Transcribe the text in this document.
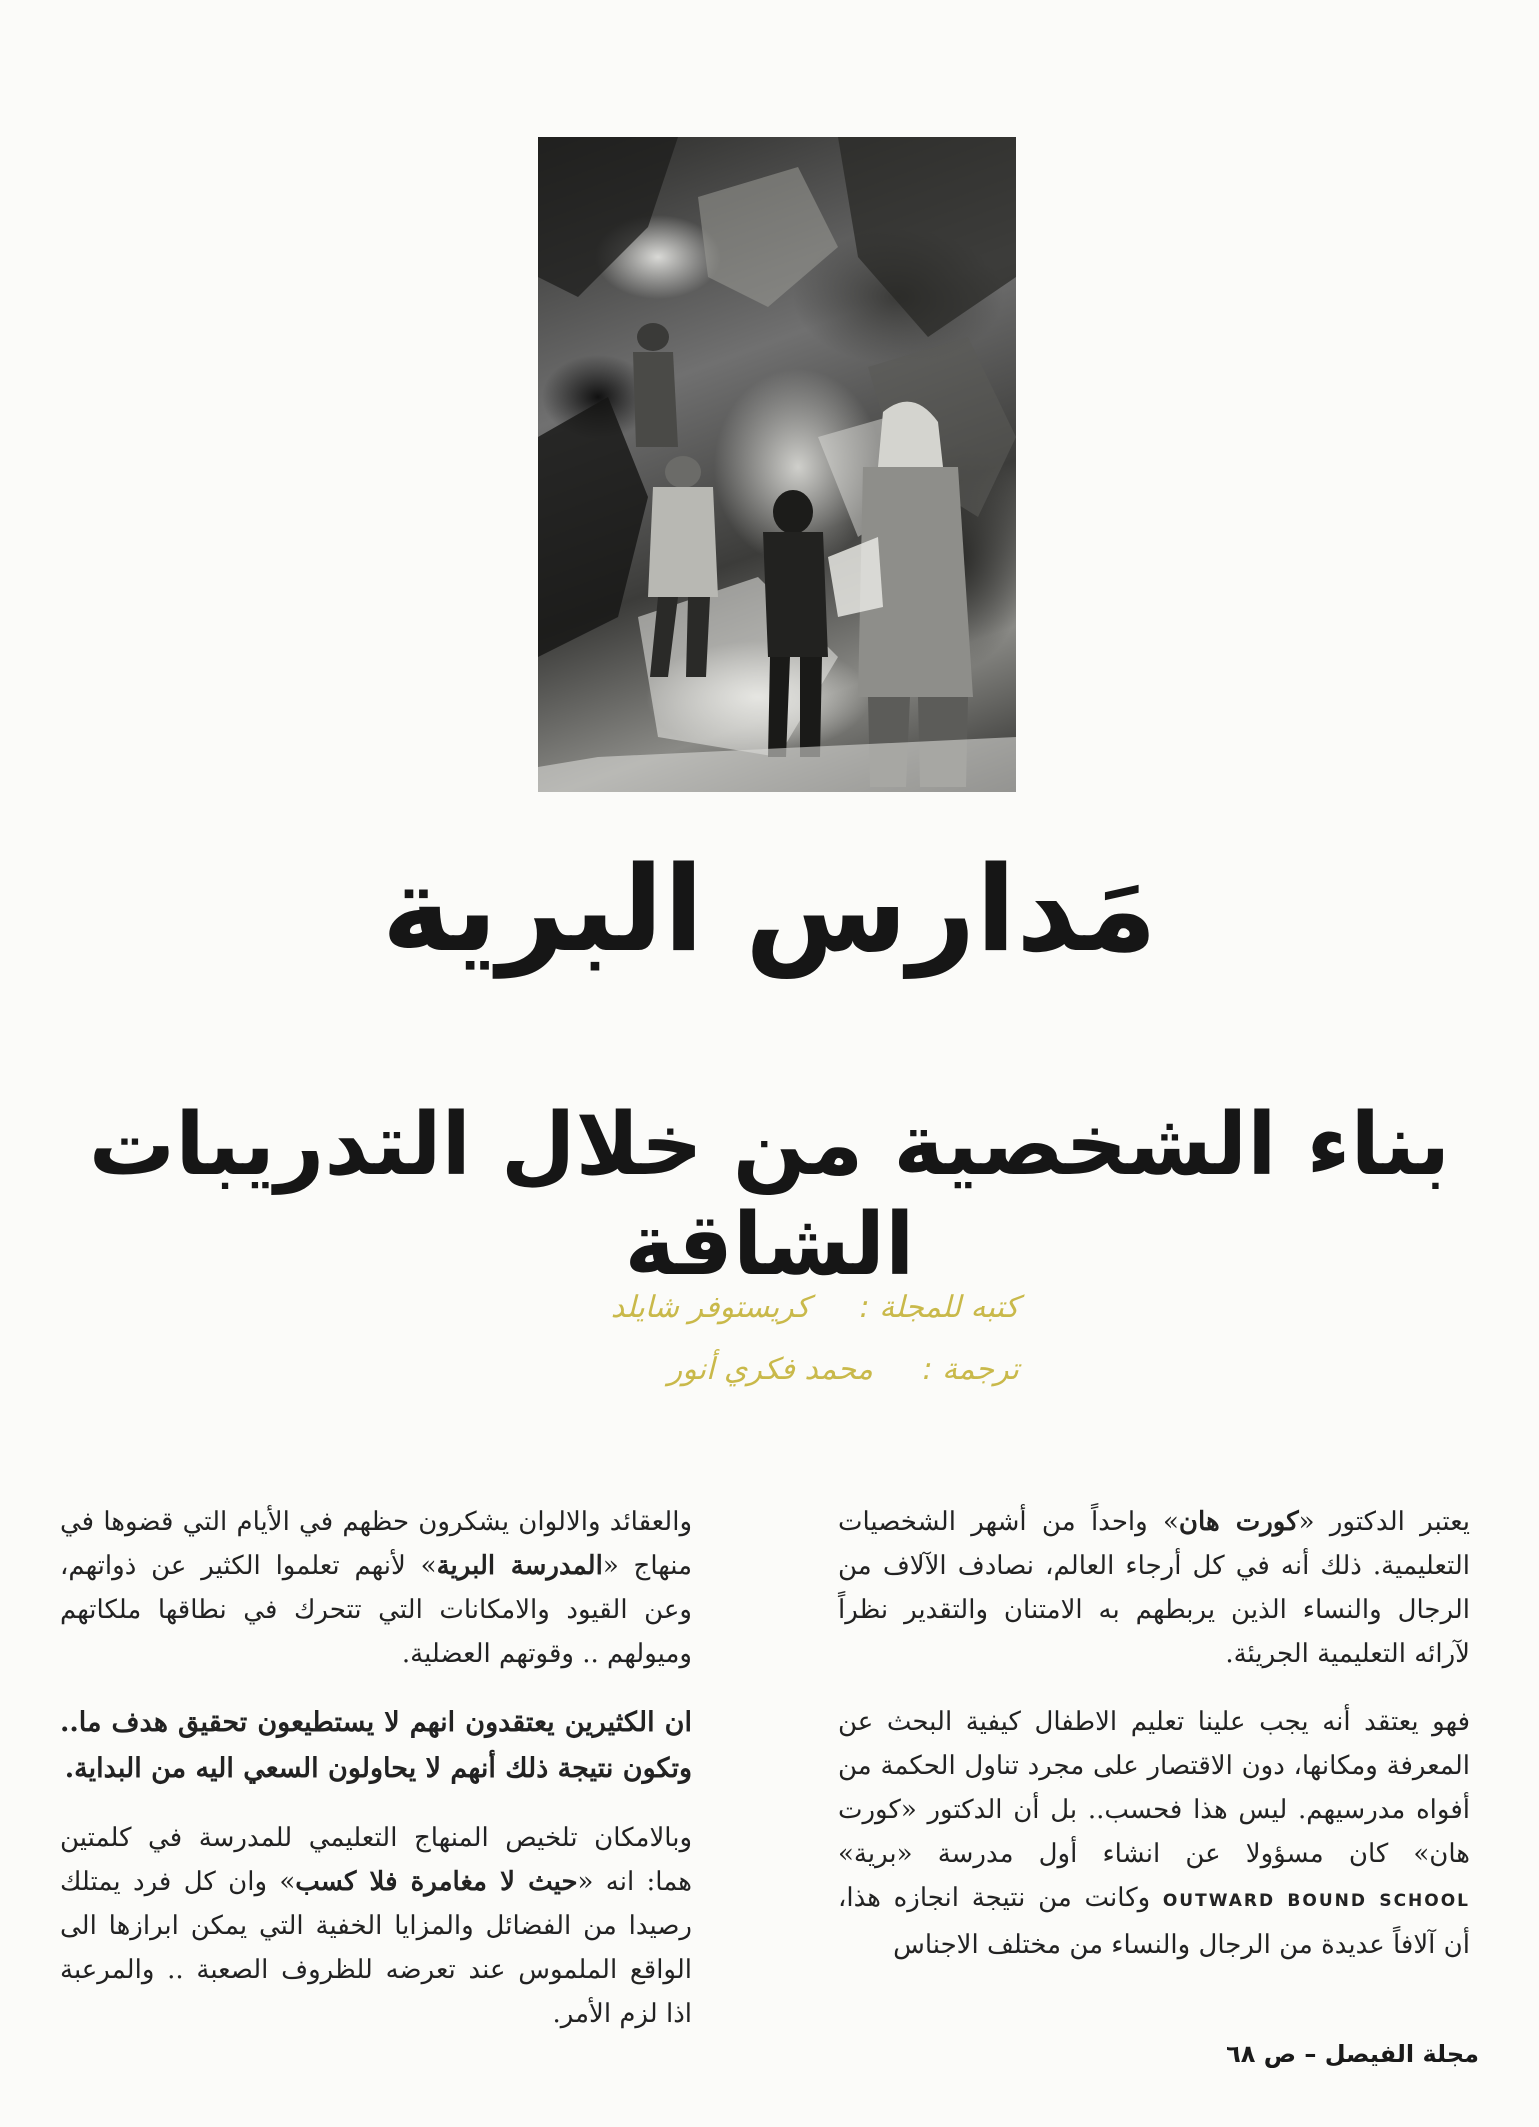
مَدارس البرية
بناء الشخصية من خلال التدريبات الشاقة
كتبه للمجلة : كريستوفر شايلد
ترجمة : محمد فكري أنور

يعتبر الدكتور «كورت هان» واحداً من أشهر الشخصيات التعليمية. ذلك أنه في كل أرجاء العالم، نصادف الآلاف من الرجال والنساء الذين يربطهم به الامتنان والتقدير نظراً لآرائه التعليمية الجريئة.

فهو يعتقد أنه يجب علينا تعليم الاطفال كيفية البحث عن المعرفة ومكانها، دون الاقتصار على مجرد تناول الحكمة من أفواه مدرسيهم. ليس هذا فحسب.. بل أن الدكتور «كورت هان» كان مسؤولا عن انشاء أول مدرسة «برية» OUTWARD BOUND SCHOOL وكانت من نتيجة انجازه هذا، أن آلافاً عديدة من الرجال والنساء من مختلف الاجناس

والعقائد والالوان يشكرون حظهم في الأيام التي قضوها في منهاج «المدرسة البرية» لأنهم تعلموا الكثير عن ذواتهم، وعن القيود والامكانات التي تتحرك في نطاقها ملكاتهم وميولهم .. وقوتهم العضلية.

ان الكثيرين يعتقدون انهم لا يستطيعون تحقيق هدف ما.. وتكون نتيجة ذلك أنهم لا يحاولون السعي اليه من البداية.

وبالامكان تلخيص المنهاج التعليمي للمدرسة في كلمتين هما: انه «حيث لا مغامرة فلا كسب» وان كل فرد يمتلك رصيدا من الفضائل والمزايا الخفية التي يمكن ابرازها الى الواقع الملموس عند تعرضه للظروف الصعبة .. والمرعبة اذا لزم الأمر.

مجلة الفيصل – ص ٦٨
